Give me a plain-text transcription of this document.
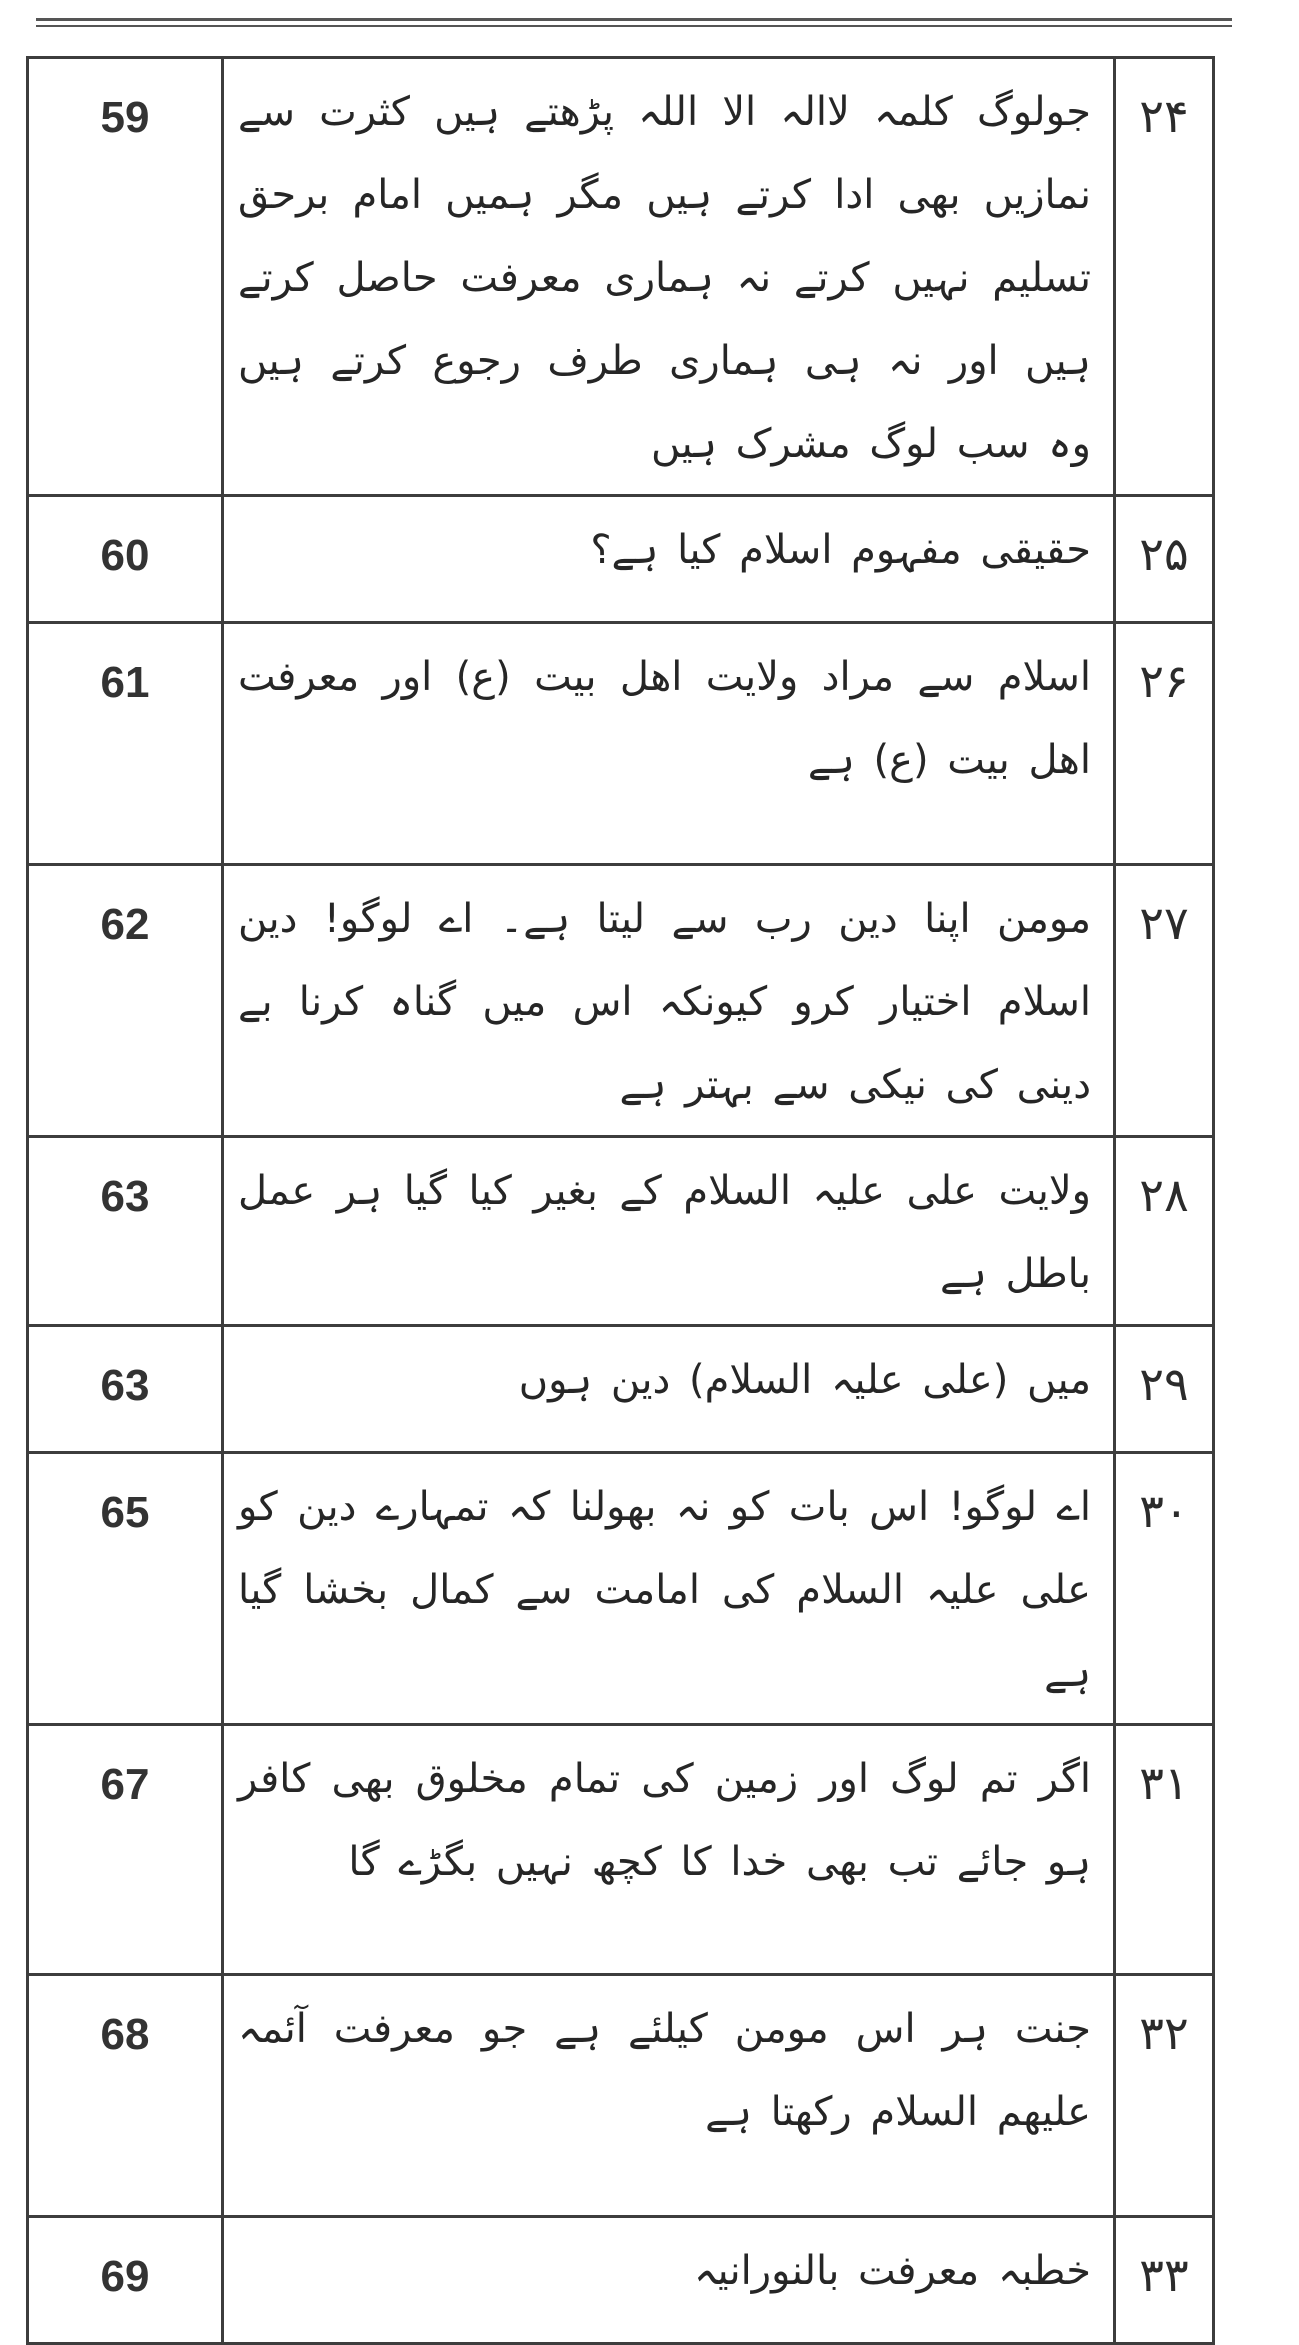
59	جولوگ کلمہ لاالہ الا اللہ پڑھتے ہیں کثرت سے نمازیں بھی ادا کرتے ہیں مگر ہمیں امام برحق تسلیم نہیں کرتے نہ ہماری معرفت حاصل کرتے ہیں اور نہ ہی ہماری طرف رجوع کرتے ہیں وہ سب لوگ مشرک ہیں	۲۴
60	حقیقی مفہوم اسلام کیا ہے؟	۲۵
61	اسلام سے مراد ولایت اھل بیت (ع) اور معرفت اھل بیت (ع) ہے	۲۶
62	مومن اپنا دین رب سے لیتا ہے۔ اے لوگو! دین اسلام اختیار کرو کیونکہ اس میں گناہ کرنا بے دینی کی نیکی سے بہتر ہے	۲۷
63	ولایت علی علیہ السلام کے بغیر کیا گیا ہر عمل باطل ہے	۲۸
63	میں (علی علیہ السلام) دین ہوں	۲۹
65	اے لوگو! اس بات کو نہ بھولنا کہ تمہارے دین کو علی علیہ السلام کی امامت سے کمال بخشا گیا ہے	۳۰
67	اگر تم لوگ اور زمین کی تمام مخلوق بھی کافر ہو جائے تب بھی خدا کا کچھ نہیں بگڑے گا	۳۱
68	جنت ہر اس مومن کیلئے ہے جو معرفت آئمہ علیھم السلام رکھتا ہے	۳۲
69	خطبہ معرفت بالنورانیہ	۳۳
